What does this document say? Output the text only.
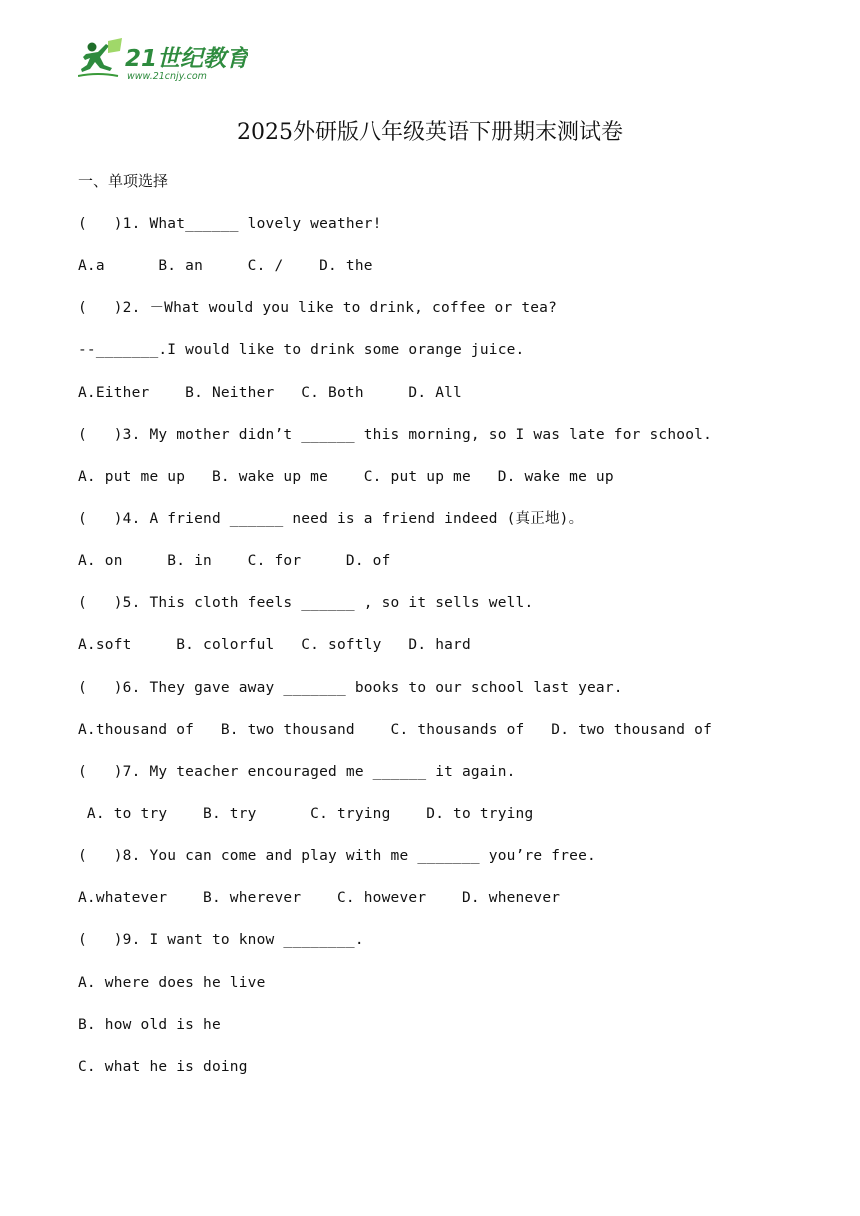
21世纪教育
www.21cnjy.com
2025外研版八年级英语下册期末测试卷
一、单项选择
(   )1. What______ lovely weather!
A.a      B. an     C. /    D. the
(   )2. －What would you like to drink, coffee or tea?
--_______.I would like to drink some orange juice.
A.Either    B. Neither   C. Both     D. All
(   )3. My mother didn’t ______ this morning, so I was late for school.
A. put me up   B. wake up me    C. put up me   D. wake me up
(   )4. A friend ______ need is a friend indeed (真正地)。
A. on     B. in    C. for     D. of
(   )5. This cloth feels ______ , so it sells well.
A.soft     B. colorful   C. softly   D. hard
(   )6. They gave away _______ books to our school last year.
A.thousand of   B. two thousand    C. thousands of   D. two thousand of
(   )7. My teacher encouraged me ______ it again.
A. to try    B. try      C. trying    D. to trying
(   )8. You can come and play with me _______ you’re free.
A.whatever    B. wherever    C. however    D. whenever
(   )9. I want to know ________.
A. where does he live
B. how old is he
C. what he is doing
